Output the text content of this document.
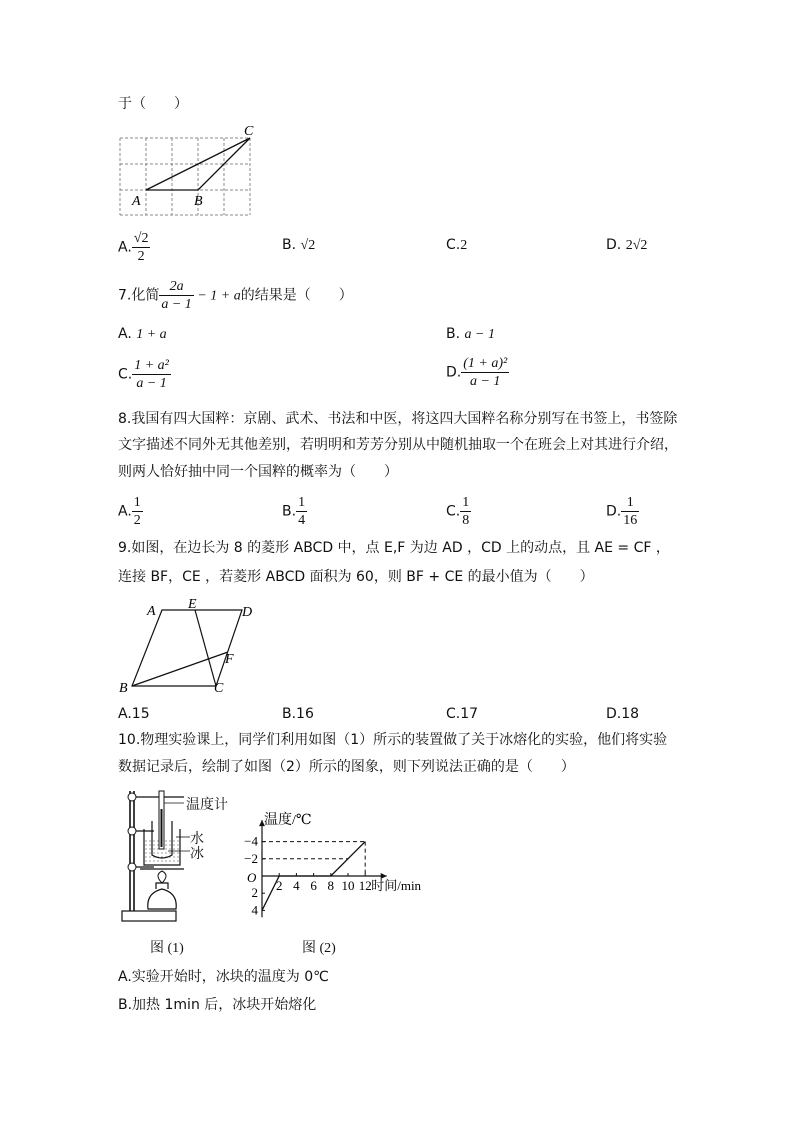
于（　　）
A	B
C
A. $\frac{√2}{2}$	B. √2	C.2	D. 2√2
7.化简 $\frac{2a}{a - 1} - 1 + a$的结果是（　　）
A. 1 + a	B. a − 1
C. $\frac{\text{1 + a²}}{a - 1}$	D. $\frac{\text{(1 + a)²}}{a - 1}$
8.我国有四大国粹：京剧、武术、书法和中医，将这四大国粹名称分别写在书签上，书签除
文字描述不同外无其他差别，若明明和芳芳分别从中随机抽取一个在班会上对其进行介绍，
则两人恰好抽中同一个国粹的概率为（　　）
A. $\frac{1}{2}$	B. $\frac{1}{4}$	C. $\frac{1}{8}$	D. $\frac{1}{16}$
9.如图，在边长为 8 的菱形 ABCD 中，点 E,F 为边 AD ，CD 上的动点，且 AE = CF ，
连接 BF，CE ，若菱形 ABCD 面积为 60，则 BF + CE 的最小值为（　　）
A E
D
F
B	C
A.15	B.16	C.17	D.18
10.物理实验课上，同学们利用如图（1）所示的装置做了关于冰熔化的实验，他们将实验
数据记录后，绘制了如图（2）所示的图象，则下列说法正确的是（　　）
温度计
水
冰
图 (1)
温度/℃
时间/min
O
4
2
−2
−4
2 4 6 8 10 12
图 (2)
A.实验开始时，冰块的温度为 0℃
B.加热 1min 后，冰块开始熔化
